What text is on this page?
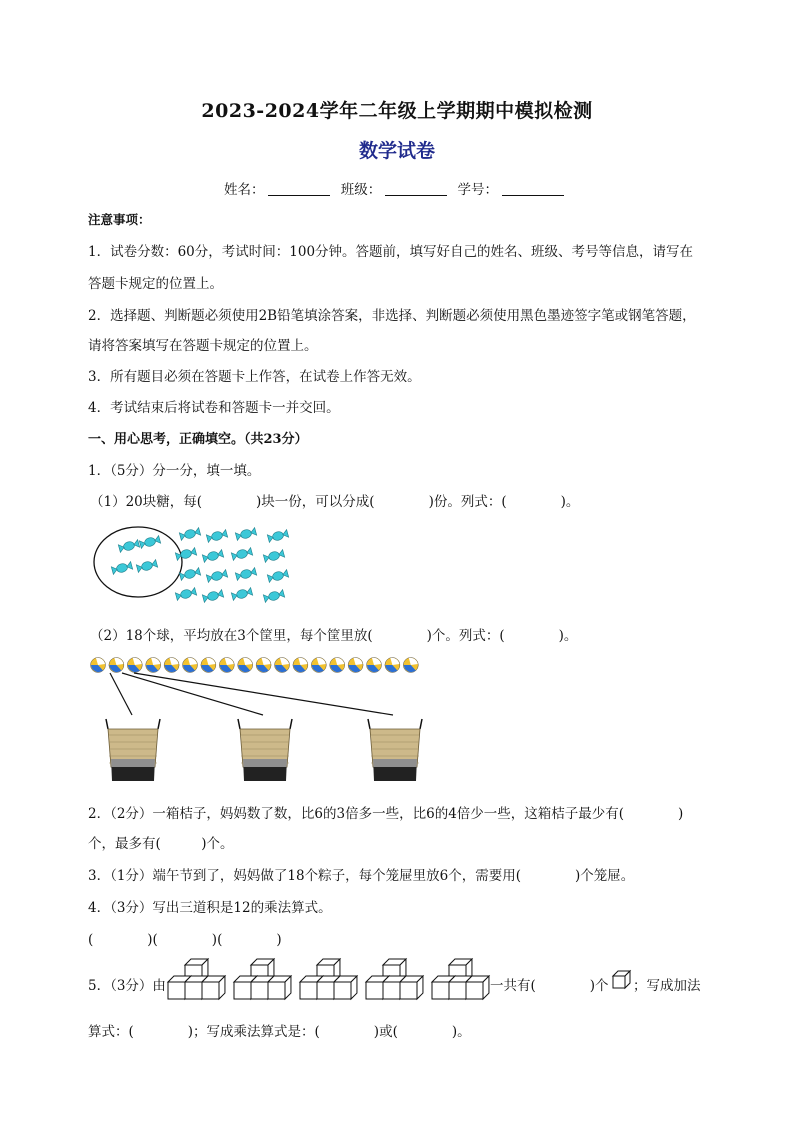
2023-2024学年二年级上学期期中模拟检测
数学试卷
姓名：	班级：	学号：
注意事项：
1．试卷分数：60分，考试时间：100分钟。答题前，填写好自己的姓名、班级、考号等信息，请写在
答题卡规定的位置上。
2．选择题、判断题必须使用2B铅笔填涂答案，非选择、判断题必须使用黑色墨迹签字笔或钢笔答题，
请将答案填写在答题卡规定的位置上。
3．所有题目必须在答题卡上作答，在试卷上作答无效。
4．考试结束后将试卷和答题卡一并交回。
一、用心思考，正确填空。（共23分）
1．（5分）分一分，填一填。
（1）20块糖，每(　　　　)块一份，可以分成(　　　　)份。列式：(　　　　)。
（2）18个球，平均放在3个筐里，每个筐里放(　　　　)个。列式：(　　　　)。
2．（2分）一箱桔子，妈妈数了数，比6的3倍多一些，比6的4倍少一些，这箱桔子最少有(　　　　)
个，最多有(　　　)个。
3．（1分）端午节到了，妈妈做了18个粽子，每个笼屉里放6个，需要用(　　　　)个笼屉。
4．（3分）写出三道积是12的乘法算式。
(　　　　)(　　　　)(　　　　)
5．（3分）由	一共有(　　　　)个 ；写成加法
算式：(　　　　)；写成乘法算式是：(　　　　)或(　　　　)。
